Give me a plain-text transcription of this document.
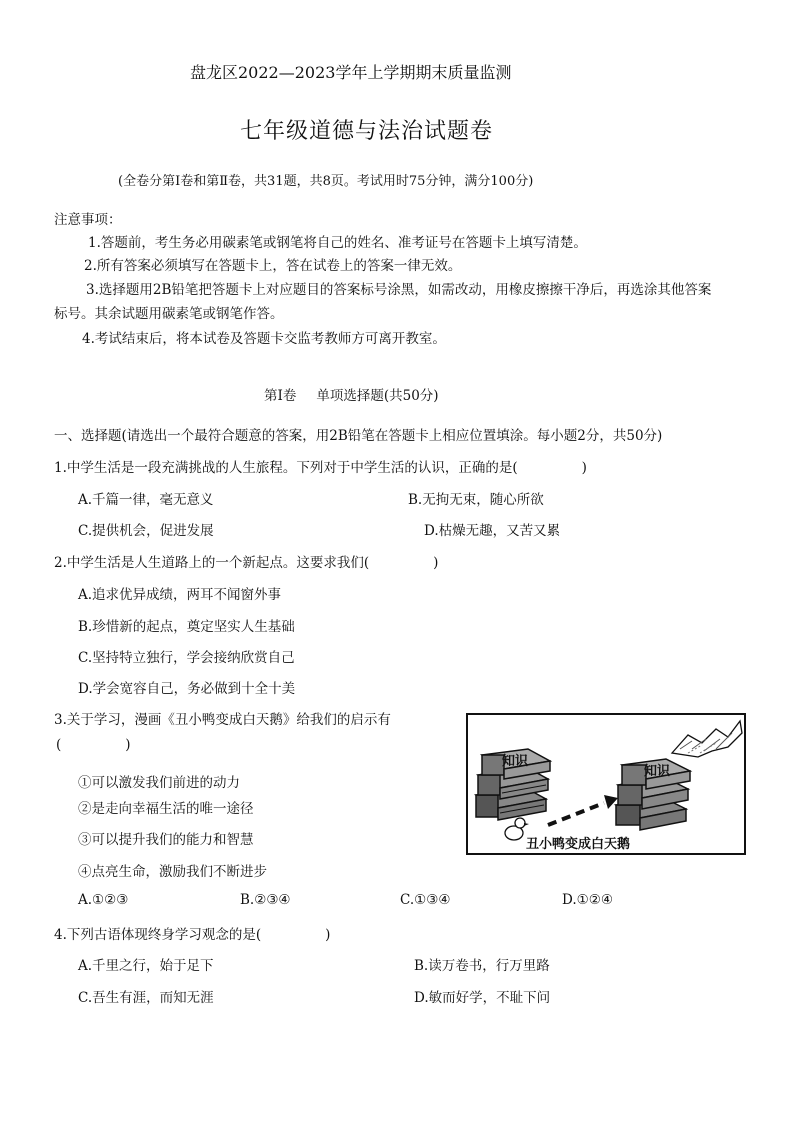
盘龙区2022—2023学年上学期期末质量监测
七年级道德与法治试题卷
(全卷分第Ⅰ卷和第Ⅱ卷，共31题，共8页。考试用时75分钟，满分100分)
注意事项：
1.答题前，考生务必用碳素笔或钢笔将自己的姓名、准考证号在答题卡上填写清楚。
2.所有答案必须填写在答题卡上，答在试卷上的答案一律无效。
3.选择题用2B铅笔把答题卡上对应题目的答案标号涂黑，如需改动，用橡皮擦擦干净后，再选涂其他答案
标号。其余试题用碳素笔或钢笔作答。
4.考试结束后，将本试卷及答题卡交监考教师方可离开教室。
第Ⅰ卷 单项选择题(共50分)
一、选择题(请选出一个最符合题意的答案，用2B铅笔在答题卡上相应位置填涂。每小题2分，共50分)
1.中学生活是一段充满挑战的人生旅程。下列对于中学生活的认识，正确的是(	)
A.千篇一律，毫无意义	B.无拘无束，随心所欲
C.提供机会，促进发展	D.枯燥无趣，又苦又累
2.中学生活是人生道路上的一个新起点。这要求我们(	)
A.追求优异成绩，两耳不闻窗外事
B.珍惜新的起点，奠定坚实人生基础
C.坚持特立独行，学会接纳欣赏自己
D.学会宽容自己，务必做到十全十美
3.关于学习，漫画《丑小鸭变成白天鹅》给我们的启示有
(	)
①可以激发我们前进的动力
②是走向幸福生活的唯一途径
③可以提升我们的能力和智慧
④点亮生命，激励我们不断进步
A.①②③	B.②③④	C.①③④	D.①②④
知识
知识
丑小鸭变成白天鹅
4.下列古语体现终身学习观念的是(	)
A.千里之行，始于足下	B.读万卷书，行万里路
C.吾生有涯，而知无涯	D.敏而好学，不耻下问
